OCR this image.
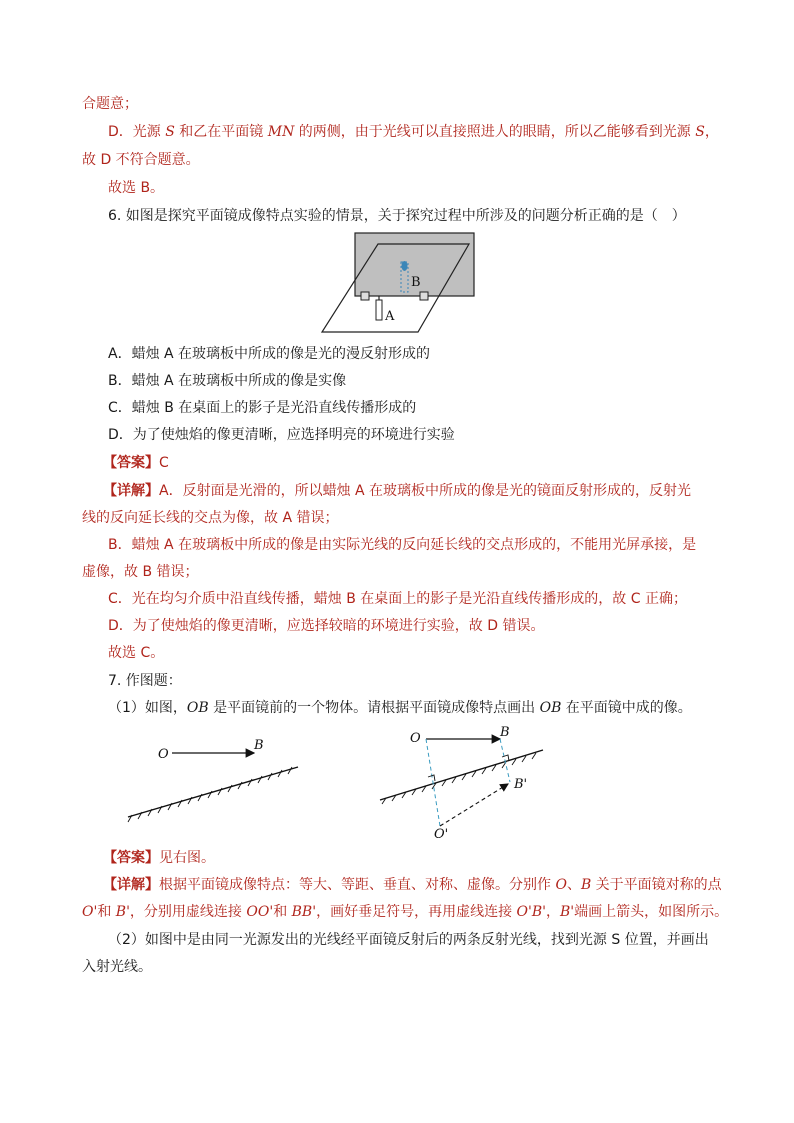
合题意；
D．光源 S 和乙在平面镜 MN 的两侧，由于光线可以直接照进人的眼睛，所以乙能够看到光源 S，
故 D 不符合题意。
故选 B。
6. 如图是探究平面镜成像特点实验的情景，关于探究过程中所涉及的问题分析正确的是（　）
B
A
A．蜡烛 A 在玻璃板中所成的像是光的漫反射形成的
B．蜡烛 A 在玻璃板中所成的像是实像
C．蜡烛 B 在桌面上的影子是光沿直线传播形成的
D．为了使烛焰的像更清晰，应选择明亮的环境进行实验
【答案】C
【详解】A．反射面是光滑的，所以蜡烛 A 在玻璃板中所成的像是光的镜面反射形成的，反射光
线的反向延长线的交点为像，故 A 错误；
B．蜡烛 A 在玻璃板中所成的像是由实际光线的反向延长线的交点形成的，不能用光屏承接，是
虚像，故 B 错误；
C．光在均匀介质中沿直线传播，蜡烛 B 在桌面上的影子是光沿直线传播形成的，故 C 正确；
D．为了使烛焰的像更清晰，应选择较暗的环境进行实验，故 D 错误。
故选 C。
7. 作图题：
（1）如图，OB 是平面镜前的一个物体。请根据平面镜成像特点画出 OB 在平面镜中成的像。
O
B	O	B
B'
O'
【答案】见右图。
【详解】根据平面镜成像特点：等大、等距、垂直、对称、虚像。分别作 O、B 关于平面镜对称的点
O'和 B'，分别用虚线连接 OO'和 BB'，画好垂足符号，再用虚线连接 O'B'，B'端画上箭头，如图所示。
（2）如图中是由同一光源发出的光线经平面镜反射后的两条反射光线，找到光源 S 位置，并画出
入射光线。
